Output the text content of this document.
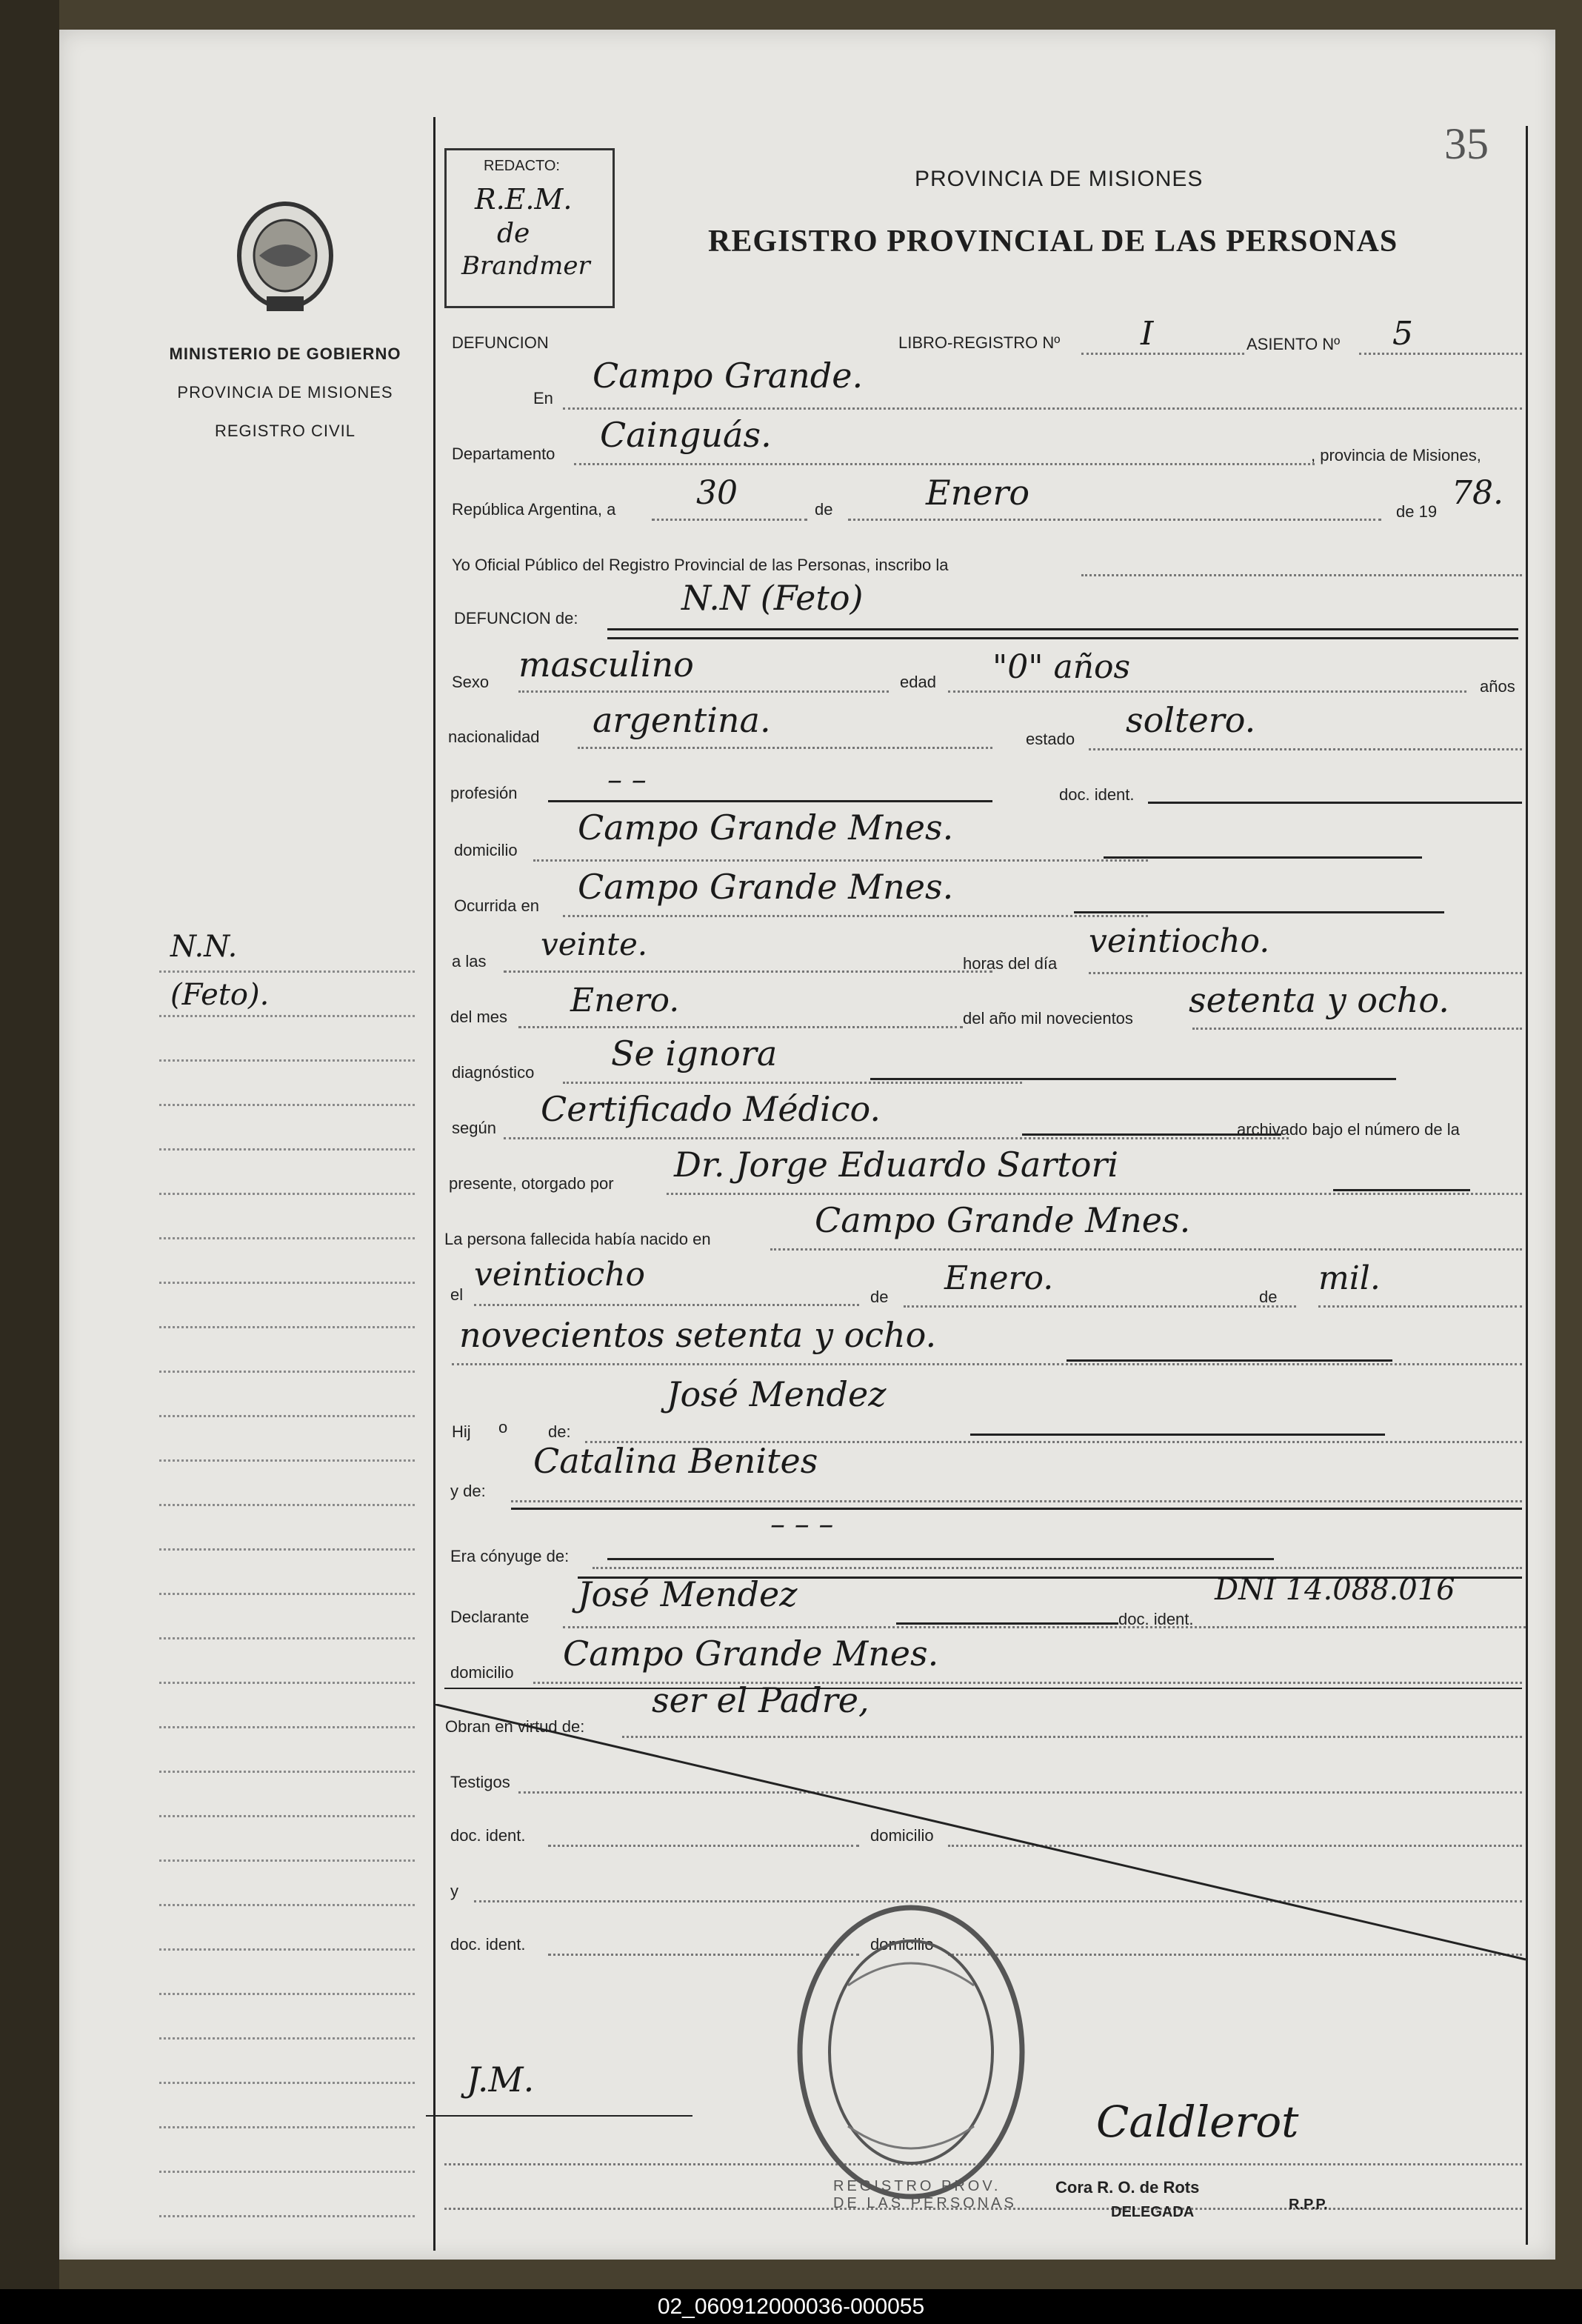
35
REDACTO:
R.E.M.
de
Brandmer
PROVINCIA DE MISIONES
REGISTRO PROVINCIAL DE LAS PERSONAS
MINISTERIO DE GOBIERNO
PROVINCIA DE MISIONES
REGISTRO CIVIL
N.N.
(Feto).
DEFUNCION	LIBRO-REGISTRO Nº I	ASIENTO Nº 5
En
Campo Grande.
Departamento Cainguás.
, provincia de Misiones,
República Argentina, a 30	de	Enero	de 19 78.
Yo Oficial Público del Registro Provincial de las Personas, inscribo la
DEFUNCION de:
N.N (Feto)
Sexo masculino	edad "0" años
años
nacionalidad argentina.	estado soltero.
profesión	– –	doc. ident.
domicilio
Campo Grande Mnes.
Ocurrida en Campo Grande Mnes.
a las veinte.
horas del día
veintiocho.
del mes Enero.	del año mil novecientos setenta y ocho.
diagnóstico Se ignora
según Certificado Médico.
archivado bajo el número de la
presente, otorgado por Dr. Jorge Eduardo Sartori
La persona fallecida había nacido en	Campo Grande Mnes.
el
veintiocho
de Enero.	de mil.
novecientos setenta y ocho.
Hij o de:
José Mendez
y de:
Catalina Benites
Era cónyuge de:
– – –
Declarante
José Mendez
doc. ident.
DNI 14.088.016
domicilio Campo Grande Mnes.
Obran en virtud de:
ser el Padre,
Testigos
doc. ident.	domicilio
y
doc. ident.	domicilio
J.M.
REGISTRO PROV. DE LAS PERSONAS
Caldlerot
Cora R. O. de Rots
DELEGADA	R.P.P.
02_060912000036-000055
